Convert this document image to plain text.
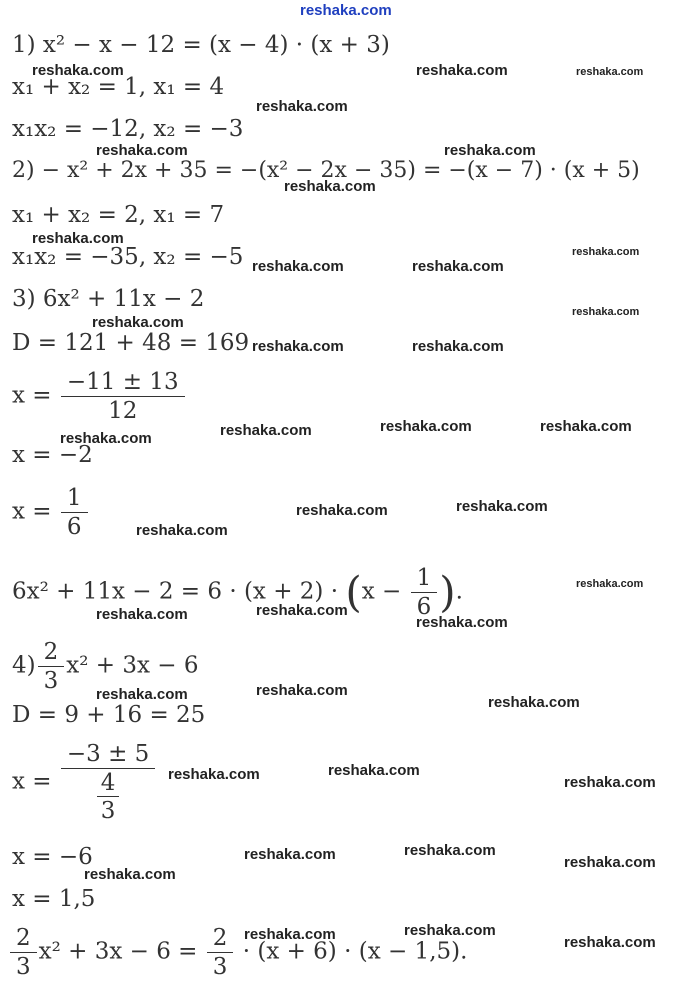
reshaka.com
1) x² − x − 12 = (x − 4) · (x + 3)
x₁ + x₂ = 1, x₁ = 4
x₁x₂ = −12, x₂ = −3
2) − x² + 2x + 35 = −(x² − 2x − 35) = −(x − 7) · (x + 5)
x₁ + x₂ = 2, x₁ = 7
x₁x₂ = −35, x₂ = −5
3) 6x² + 11x − 2
D = 121 + 48 = 169
$x = \frac{-11 \pm 13}{12}$
x = −2
$x = \frac{1}{6}$
$6x^2 + 11x - 2 = 6 \cdot (x + 2) \cdot (x - \frac{1}{6}$ ).
$4) \frac{2}{3} x^2 + 3x - 6$
D = 9 + 16 = 25
$x = \frac{-3 \pm 5}{\frac{4}{3}}$
x = −6
x = 1,5
$\frac{2}{3} x^2 + 3x - 6 = \frac{2}{3} \cdot (x + 6) \cdot (x - 1,5)$.
reshaka.com	reshaka.com	reshaka.com
reshaka.com
reshaka.com	reshaka.com
reshaka.com
reshaka.com
reshaka.com
reshaka.com	reshaka.com
reshaka.com
reshaka.com
reshaka.com	reshaka.com
reshaka.com	reshaka.com
reshaka.com
reshaka.com
reshaka.com
reshaka.com
reshaka.com
reshaka.com
reshaka.com
reshaka.com	reshaka.com
reshaka.com
reshaka.com	reshaka.com
reshaka.com
reshaka.com	reshaka.com
reshaka.com
reshaka.com	reshaka.com
reshaka.com
reshaka.com
reshaka.com	reshaka.com
